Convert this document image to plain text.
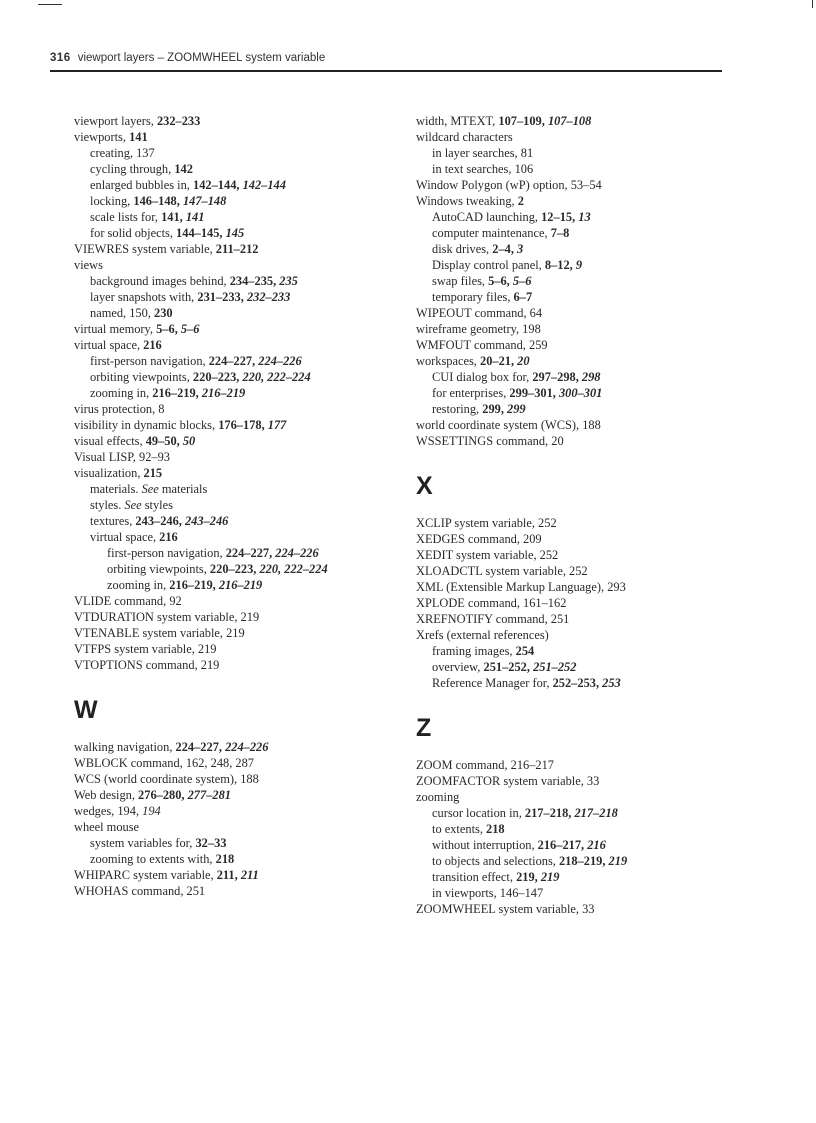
316 viewport layers – ZOOMWHEEL system variable
viewport layers, 232–233
viewports, 141
creating, 137
cycling through, 142
enlarged bubbles in, 142–144, 142–144
locking, 146–148, 147–148
scale lists for, 141, 141
for solid objects, 144–145, 145
VIEWRES system variable, 211–212
views
background images behind, 234–235, 235
layer snapshots with, 231–233, 232–233
named, 150, 230
virtual memory, 5–6, 5–6
virtual space, 216
first-person navigation, 224–227, 224–226
orbiting viewpoints, 220–223, 220, 222–224
zooming in, 216–219, 216–219
virus protection, 8
visibility in dynamic blocks, 176–178, 177
visual effects, 49–50, 50
Visual LISP, 92–93
visualization, 215
materials. See materials
styles. See styles
textures, 243–246, 243–246
virtual space, 216
first-person navigation, 224–227, 224–226
orbiting viewpoints, 220–223, 220, 222–224
zooming in, 216–219, 216–219
VLIDE command, 92
VTDURATION system variable, 219
VTENABLE system variable, 219
VTFPS system variable, 219
VTOPTIONS command, 219
W
walking navigation, 224–227, 224–226
WBLOCK command, 162, 248, 287
WCS (world coordinate system), 188
Web design, 276–280, 277–281
wedges, 194, 194
wheel mouse
system variables for, 32–33
zooming to extents with, 218
WHIPARC system variable, 211, 211
WHOHAS command, 251
width, MTEXT, 107–109, 107–108
wildcard characters
in layer searches, 81
in text searches, 106
Window Polygon (wP) option, 53–54
Windows tweaking, 2
AutoCAD launching, 12–15, 13
computer maintenance, 7–8
disk drives, 2–4, 3
Display control panel, 8–12, 9
swap files, 5–6, 5–6
temporary files, 6–7
WIPEOUT command, 64
wireframe geometry, 198
WMFOUT command, 259
workspaces, 20–21, 20
CUI dialog box for, 297–298, 298
for enterprises, 299–301, 300–301
restoring, 299, 299
world coordinate system (WCS), 188
WSSETTINGS command, 20
X
XCLIP system variable, 252
XEDGES command, 209
XEDIT system variable, 252
XLOADCTL system variable, 252
XML (Extensible Markup Language), 293
XPLODE command, 161–162
XREFNOTIFY command, 251
Xrefs (external references)
framing images, 254
overview, 251–252, 251–252
Reference Manager for, 252–253, 253
Z
ZOOM command, 216–217
ZOOMFACTOR system variable, 33
zooming
cursor location in, 217–218, 217–218
to extents, 218
without interruption, 216–217, 216
to objects and selections, 218–219, 219
transition effect, 219, 219
in viewports, 146–147
ZOOMWHEEL system variable, 33
